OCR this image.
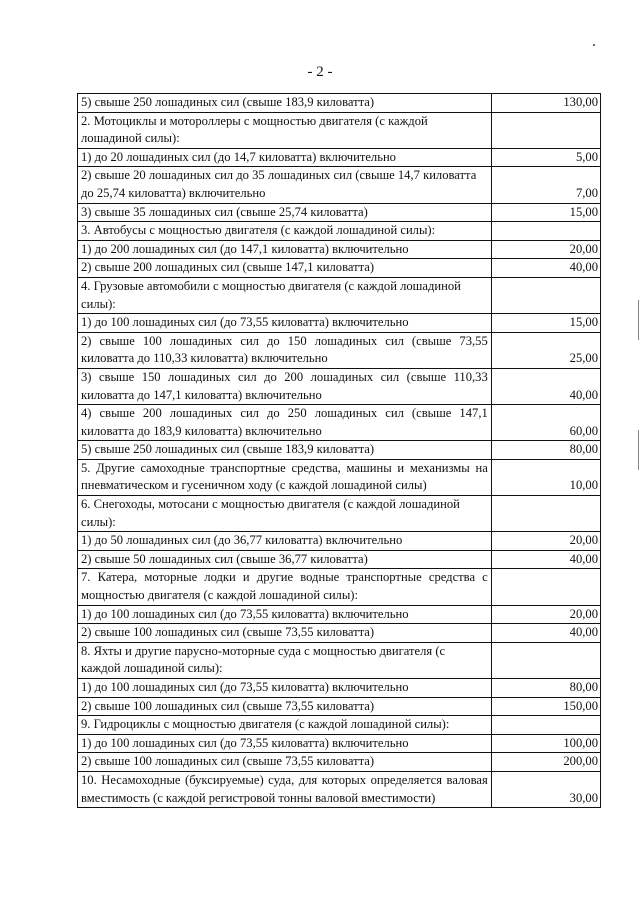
- 2 -
5) свыше 250 лошадиных сил (свыше 183,9 киловатта)	130,00
2. Мотоциклы и мотороллеры с мощностью двигателя (с каждой лошадиной силы):	
1) до 20 лошадиных сил (до 14,7 киловатта) включительно	5,00
2) свыше 20 лошадиных сил до 35 лошадиных сил (свыше 14,7 киловатта до 25,74 киловатта) включительно	7,00
3) свыше 35 лошадиных сил (свыше 25,74 киловатта)	15,00
3. Автобусы с мощностью двигателя (с каждой лошадиной силы):	
1) до 200 лошадиных сил (до 147,1 киловатта) включительно	20,00
2) свыше 200 лошадиных сил (свыше 147,1 киловатта)	40,00
4. Грузовые автомобили с мощностью двигателя (с каждой лошадиной силы):	
1) до 100 лошадиных сил (до 73,55 киловатта) включительно	15,00
2) свыше 100 лошадиных сил до 150 лошадиных сил (свыше 73,55 киловатта до 110,33 киловатта) включительно	25,00
3) свыше 150 лошадиных сил до 200 лошадиных сил (свыше 110,33 киловатта до 147,1 киловатта) включительно	40,00
4) свыше 200 лошадиных сил до 250 лошадиных сил (свыше 147,1 киловатта до 183,9 киловатта) включительно	60,00
5) свыше 250 лошадиных сил (свыше 183,9 киловатта)	80,00
5. Другие самоходные транспортные средства, машины и механизмы на пневматическом и гусеничном ходу (с каждой лошадиной силы)	10,00
6. Снегоходы, мотосани с мощностью двигателя (с каждой лошадиной силы):	
1) до 50 лошадиных сил (до 36,77 киловатта) включительно	20,00
2) свыше 50 лошадиных сил (свыше 36,77 киловатта)	40,00
7. Катера, моторные лодки и другие водные транспортные средства с мощностью двигателя (с каждой лошадиной силы):	
1) до 100 лошадиных сил (до 73,55 киловатта) включительно	20,00
2) свыше 100 лошадиных сил (свыше 73,55 киловатта)	40,00
8. Яхты и другие парусно-моторные суда с мощностью двигателя (с каждой лошадиной силы):	
1) до 100 лошадиных сил (до 73,55 киловатта) включительно	80,00
2) свыше 100 лошадиных сил (свыше 73,55 киловатта)	150,00
9. Гидроциклы с мощностью двигателя (с каждой лошадиной силы):	
1) до 100 лошадиных сил (до 73,55 киловатта) включительно	100,00
2) свыше 100 лошадиных сил (свыше 73,55 киловатта)	200,00
10. Несамоходные (буксируемые) суда, для которых определяется валовая вместимость (с каждой регистровой тонны валовой вместимости)	30,00
